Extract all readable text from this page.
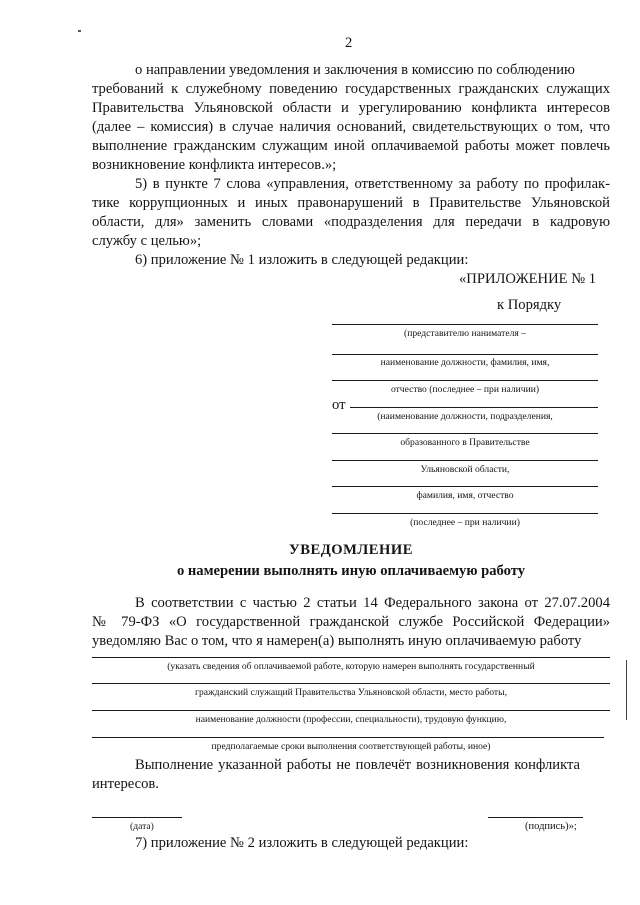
2
о направлении уведомления и заключения в комиссию по соблюдению
требований к служебному поведению государственных гражданских служащих
Правительства Ульяновской области и урегулированию конфликта интересов
(далее – комиссия) в случае наличия оснований, свидетельствующих о том, что
выполнение гражданским служащим иной оплачиваемой работы может повлечь
возникновение конфликта интересов.»;
5) в пункте 7 слова «управления, ответственному за работу по профилак-
тике коррупционных и иных правонарушений в Правительстве Ульяновской
области, для» заменить словами «подразделения для передачи в кадровую
службу с целью»;
6) приложение № 1 изложить в следующей редакции:
«ПРИЛОЖЕНИЕ № 1
к Порядку
(представителю нанимателя –
наименование должности, фамилия, имя,
отчество (последнее – при наличии)
от
(наименование должности, подразделения,
образованного в Правительстве
Ульяновской области,
фамилия, имя, отчество
(последнее – при наличии)
УВЕДОМЛЕНИЕ
о намерении выполнять иную оплачиваемую работу
В соответствии с частью 2 статьи 14 Федерального закона от 27.07.2004
№ 79-ФЗ «О государственной гражданской службе Российской Федерации»
уведомляю Вас о том, что я намерен(а) выполнять иную оплачиваемую работу
(указать сведения об оплачиваемой работе, которую намерен выполнять государственный
гражданский служащий Правительства Ульяновской области, место работы,
наименование должности (профессии, специальности), трудовую функцию,
предполагаемые сроки выполнения соответствующей работы, иное)
Выполнение указанной работы не повлечёт возникновения конфликта
интересов.
(дата)	(подпись)»;
7) приложение № 2 изложить в следующей редакции:
